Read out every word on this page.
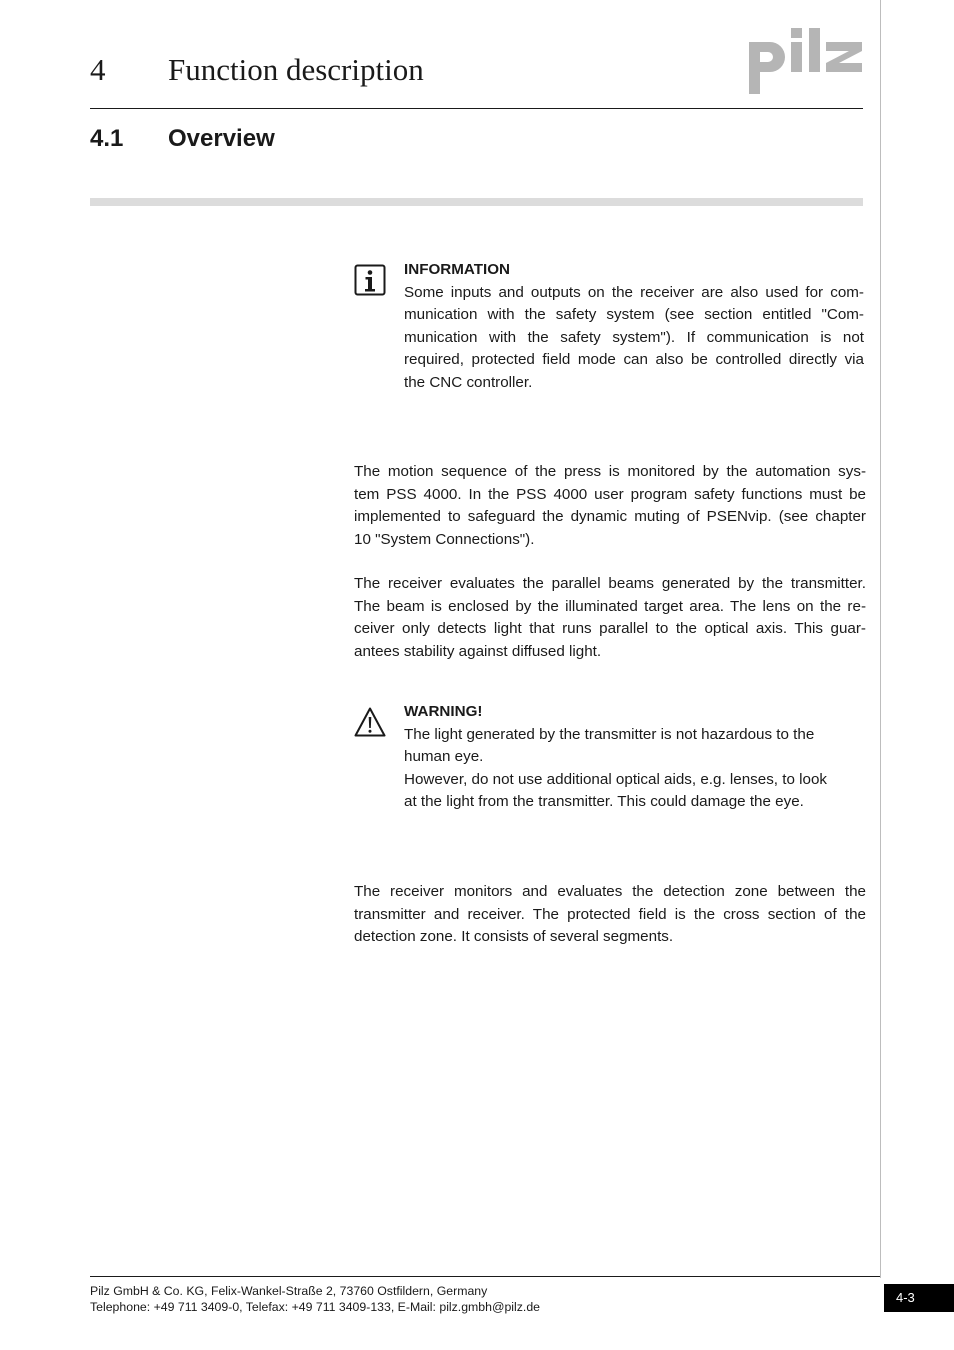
4 Function description
4.1 Overview
INFORMATION
Some inputs and outputs on the receiver are also used for com-
munication with the safety system (see section entitled "Com-
munication with the safety system"). If communication is not
required, protected field mode can also be controlled directly via
the CNC controller.
The motion sequence of the press is monitored by the automation sys-
tem PSS 4000. In the PSS 4000 user program safety functions must be
implemented to safeguard the dynamic muting of PSENvip. (see chapter
10 "System Connections").
The receiver evaluates the parallel beams generated by the transmitter.
The beam is enclosed by the illuminated target area. The lens on the re-
ceiver only detects light that runs parallel to the optical axis. This guar-
antees stability against diffused light.
WARNING!
The light generated by the transmitter is not hazardous to the
human eye.
However, do not use additional optical aids, e.g. lenses, to look
at the light from the transmitter. This could damage the eye.
The receiver monitors and evaluates the detection zone between the
transmitter and receiver. The protected field is the cross section of the
detection zone. It consists of several segments.
Pilz GmbH & Co. KG, Felix-Wankel-Straße 2, 73760 Ostfildern, Germany
Telephone: +49 711 3409-0, Telefax: +49 711 3409-133, E-Mail: pilz.gmbh@pilz.de
4-3
